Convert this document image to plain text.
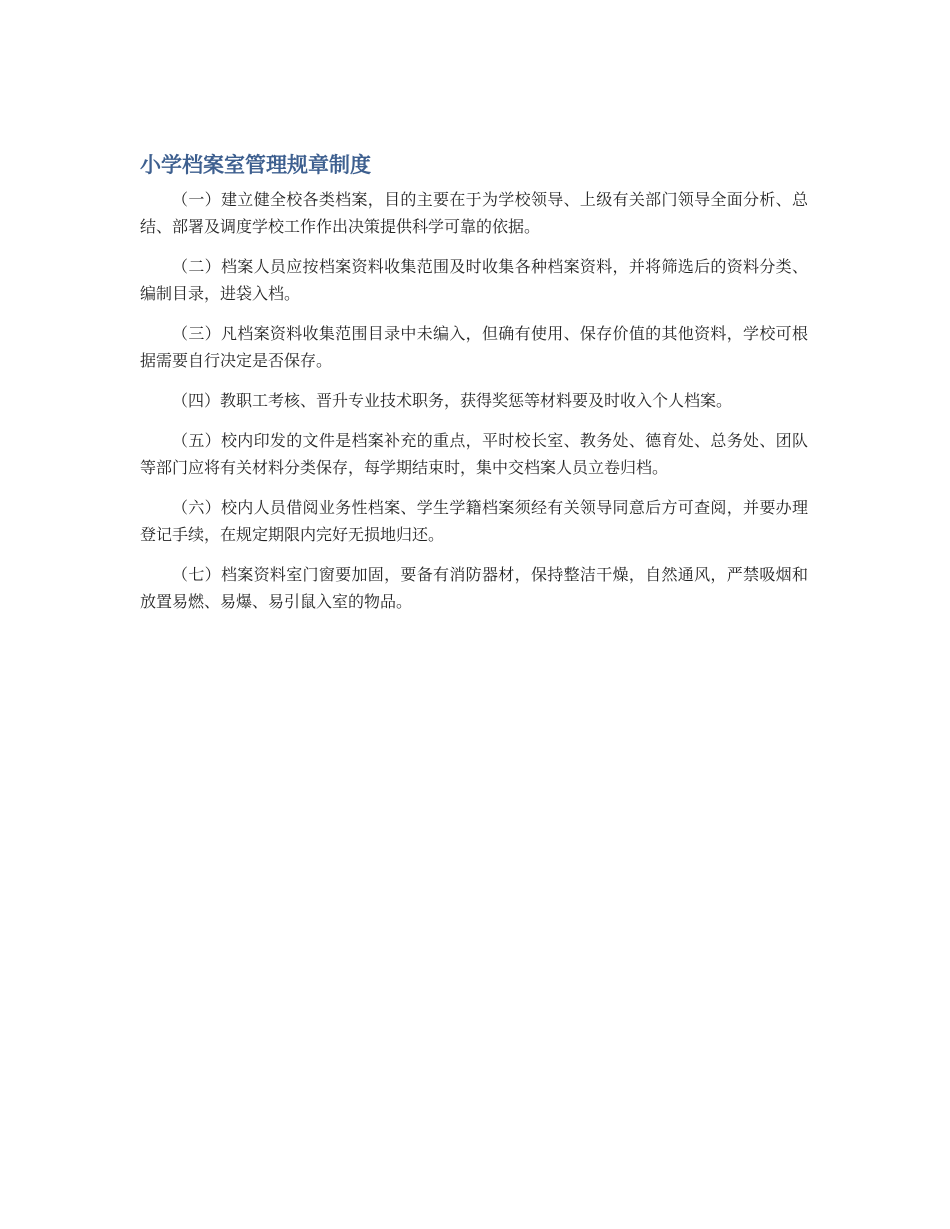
小学档案室管理规章制度

（一）建立健全校各类档案，目的主要在于为学校领导、上级有关部门领导全面分析、总结、部署及调度学校工作作出决策提供科学可靠的依据。

（二）档案人员应按档案资料收集范围及时收集各种档案资料，并将筛选后的资料分类、编制目录，进袋入档。

（三）凡档案资料收集范围目录中未编入，但确有使用、保存价值的其他资料，学校可根据需要自行决定是否保存。

（四）教职工考核、晋升专业技术职务，获得奖惩等材料要及时收入个人档案。

（五）校内印发的文件是档案补充的重点，平时校长室、教务处、德育处、总务处、团队等部门应将有关材料分类保存，每学期结束时，集中交档案人员立卷归档。

（六）校内人员借阅业务性档案、学生学籍档案须经有关领导同意后方可查阅，并要办理登记手续，在规定期限内完好无损地归还。

（七）档案资料室门窗要加固，要备有消防器材，保持整洁干燥，自然通风，严禁吸烟和放置易燃、易爆、易引鼠入室的物品。
